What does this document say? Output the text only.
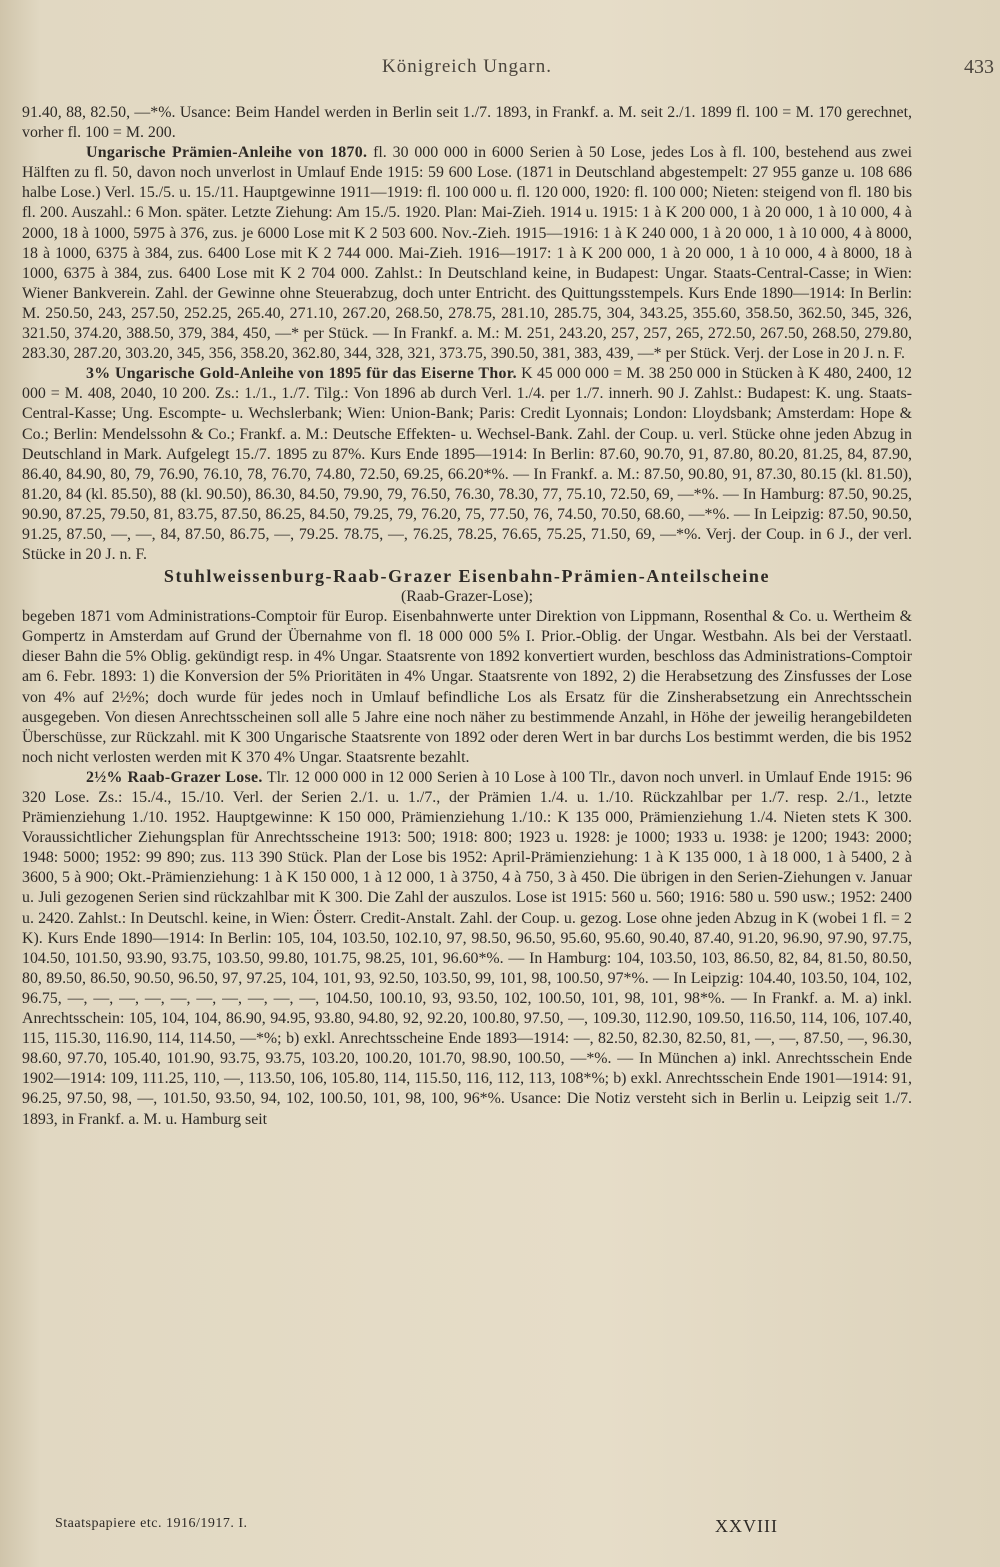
Königreich Ungarn.	433

91.40, 88, 82.50, —*%. Usance: Beim Handel werden in Berlin seit 1./7. 1893, in Frankf. a. M. seit 2./1. 1899 fl. 100 = M. 170 gerechnet, vorher fl. 100 = M. 200.

Ungarische Prämien-Anleihe von 1870. fl. 30 000 000 in 6000 Serien à 50 Lose, jedes Los à fl. 100, bestehend aus zwei Hälften zu fl. 50, davon noch unverlost in Umlauf Ende 1915: 59 600 Lose. (1871 in Deutschland abgestempelt: 27 955 ganze u. 108 686 halbe Lose.) Verl. 15./5. u. 15./11. Hauptgewinne 1911—1919: fl. 100 000 u. fl. 120 000, 1920: fl. 100 000; Nieten: steigend von fl. 180 bis fl. 200. Auszahl.: 6 Mon. später. Letzte Ziehung: Am 15./5. 1920. Plan: Mai-Zieh. 1914 u. 1915: 1 à K 200 000, 1 à 20 000, 1 à 10 000, 4 à 2000, 18 à 1000, 5975 à 376, zus. je 6000 Lose mit K 2 503 600. Nov.-Zieh. 1915—1916: 1 à K 240 000, 1 à 20 000, 1 à 10 000, 4 à 8000, 18 à 1000, 6375 à 384, zus. 6400 Lose mit K 2 744 000. Mai-Zieh. 1916—1917: 1 à K 200 000, 1 à 20 000, 1 à 10 000, 4 à 8000, 18 à 1000, 6375 à 384, zus. 6400 Lose mit K 2 704 000. Zahlst.: In Deutschland keine, in Budapest: Ungar. Staats-Central-Casse; in Wien: Wiener Bankverein. Zahl. der Gewinne ohne Steuerabzug, doch unter Entricht. des Quittungsstempels. Kurs Ende 1890—1914: In Berlin: M. 250.50, 243, 257.50, 252.25, 265.40, 271.10, 267.20, 268.50, 278.75, 281.10, 285.75, 304, 343.25, 355.60, 358.50, 362.50, 345, 326, 321.50, 374.20, 388.50, 379, 384, 450, —* per Stück. — In Frankf. a. M.: M. 251, 243.20, 257, 257, 265, 272.50, 267.50, 268.50, 279.80, 283.30, 287.20, 303.20, 345, 356, 358.20, 362.80, 344, 328, 321, 373.75, 390.50, 381, 383, 439, —* per Stück. Verj. der Lose in 20 J. n. F.

3% Ungarische Gold-Anleihe von 1895 für das Eiserne Thor. K 45 000 000 = M. 38 250 000 in Stücken à K 480, 2400, 12 000 = M. 408, 2040, 10 200. Zs.: 1./1., 1./7. Tilg.: Von 1896 ab durch Verl. 1./4. per 1./7. innerh. 90 J. Zahlst.: Budapest: K. ung. Staats-Central-Kasse; Ung. Escompte- u. Wechslerbank; Wien: Union-Bank; Paris: Credit Lyonnais; London: Lloydsbank; Amsterdam: Hope & Co.; Berlin: Mendelssohn & Co.; Frankf. a. M.: Deutsche Effekten- u. Wechsel-Bank. Zahl. der Coup. u. verl. Stücke ohne jeden Abzug in Deutschland in Mark. Aufgelegt 15./7. 1895 zu 87%. Kurs Ende 1895—1914: In Berlin: 87.60, 90.70, 91, 87.80, 80.20, 81.25, 84, 87.90, 86.40, 84.90, 80, 79, 76.90, 76.10, 78, 76.70, 74.80, 72.50, 69.25, 66.20*%. — In Frankf. a. M.: 87.50, 90.80, 91, 87.30, 80.15 (kl. 81.50), 81.20, 84 (kl. 85.50), 88 (kl. 90.50), 86.30, 84.50, 79.90, 79, 76.50, 76.30, 78.30, 77, 75.10, 72.50, 69, —*%. — In Hamburg: 87.50, 90.25, 90.90, 87.25, 79.50, 81, 83.75, 87.50, 86.25, 84.50, 79.25, 79, 76.20, 75, 77.50, 76, 74.50, 70.50, 68.60, —*%. — In Leipzig: 87.50, 90.50, 91.25, 87.50, —, —, 84, 87.50, 86.75, —, 79.25. 78.75, —, 76.25, 78.25, 76.65, 75.25, 71.50, 69, —*%. Verj. der Coup. in 6 J., der verl. Stücke in 20 J. n. F.

Stuhlweissenburg-Raab-Grazer Eisenbahn-Prämien-Anteilscheine

(Raab-Grazer-Lose);

begeben 1871 vom Administrations-Comptoir für Europ. Eisenbahnwerte unter Direktion von Lippmann, Rosenthal & Co. u. Wertheim & Gompertz in Amsterdam auf Grund der Übernahme von fl. 18 000 000 5% I. Prior.-Oblig. der Ungar. Westbahn. Als bei der Verstaatl. dieser Bahn die 5% Oblig. gekündigt resp. in 4% Ungar. Staatsrente von 1892 konvertiert wurden, beschloss das Administrations-Comptoir am 6. Febr. 1893: 1) die Konversion der 5% Prioritäten in 4% Ungar. Staatsrente von 1892, 2) die Herabsetzung des Zinsfusses der Lose von 4% auf 2½%; doch wurde für jedes noch in Umlauf befindliche Los als Ersatz für die Zinsherabsetzung ein Anrechtsschein ausgegeben. Von diesen Anrechtsscheinen soll alle 5 Jahre eine noch näher zu bestimmende Anzahl, in Höhe der jeweilig herangebildeten Überschüsse, zur Rückzahl. mit K 300 Ungarische Staatsrente von 1892 oder deren Wert in bar durchs Los bestimmt werden, die bis 1952 noch nicht verlosten werden mit K 370 4% Ungar. Staatsrente bezahlt.

2½% Raab-Grazer Lose. Tlr. 12 000 000 in 12 000 Serien à 10 Lose à 100 Tlr., davon noch unverl. in Umlauf Ende 1915: 96 320 Lose. Zs.: 15./4., 15./10. Verl. der Serien 2./1. u. 1./7., der Prämien 1./4. u. 1./10. Rückzahlbar per 1./7. resp. 2./1., letzte Prämienziehung 1./10. 1952. Hauptgewinne: K 150 000, Prämienziehung 1./10.: K 135 000, Prämienziehung 1./4. Nieten stets K 300. Voraussichtlicher Ziehungsplan für Anrechtsscheine 1913: 500; 1918: 800; 1923 u. 1928: je 1000; 1933 u. 1938: je 1200; 1943: 2000; 1948: 5000; 1952: 99 890; zus. 113 390 Stück. Plan der Lose bis 1952: April-Prämienziehung: 1 à K 135 000, 1 à 18 000, 1 à 5400, 2 à 3600, 5 à 900; Okt.-Prämienziehung: 1 à K 150 000, 1 à 12 000, 1 à 3750, 4 à 750, 3 à 450. Die übrigen in den Serien-Ziehungen v. Januar u. Juli gezogenen Serien sind rückzahlbar mit K 300. Die Zahl der auszulos. Lose ist 1915: 560 u. 560; 1916: 580 u. 590 usw.; 1952: 2400 u. 2420. Zahlst.: In Deutschl. keine, in Wien: Österr. Credit-Anstalt. Zahl. der Coup. u. gezog. Lose ohne jeden Abzug in K (wobei 1 fl. = 2 K). Kurs Ende 1890—1914: In Berlin: 105, 104, 103.50, 102.10, 97, 98.50, 96.50, 95.60, 95.60, 90.40, 87.40, 91.20, 96.90, 97.90, 97.75, 104.50, 101.50, 93.90, 93.75, 103.50, 99.80, 101.75, 98.25, 101, 96.60*%. — In Hamburg: 104, 103.50, 103, 86.50, 82, 84, 81.50, 80.50, 80, 89.50, 86.50, 90.50, 96.50, 97, 97.25, 104, 101, 93, 92.50, 103.50, 99, 101, 98, 100.50, 97*%. — In Leipzig: 104.40, 103.50, 104, 102, 96.75, —, —, —, —, —, —, —, —, —, —, 104.50, 100.10, 93, 93.50, 102, 100.50, 101, 98, 101, 98*%. — In Frankf. a. M. a) inkl. Anrechtsschein: 105, 104, 104, 86.90, 94.95, 93.80, 94.80, 92, 92.20, 100.80, 97.50, —, 109.30, 112.90, 109.50, 116.50, 114, 106, 107.40, 115, 115.30, 116.90, 114, 114.50, —*%; b) exkl. Anrechtsscheine Ende 1893—1914: —, 82.50, 82.30, 82.50, 81, —, —, 87.50, —, 96.30, 98.60, 97.70, 105.40, 101.90, 93.75, 93.75, 103.20, 100.20, 101.70, 98.90, 100.50, —*%. — In München a) inkl. Anrechtsschein Ende 1902—1914: 109, 111.25, 110, —, 113.50, 106, 105.80, 114, 115.50, 116, 112, 113, 108*%; b) exkl. Anrechtsschein Ende 1901—1914: 91, 96.25, 97.50, 98, —, 101.50, 93.50, 94, 102, 100.50, 101, 98, 100, 96*%. Usance: Die Notiz versteht sich in Berlin u. Leipzig seit 1./7. 1893, in Frankf. a. M. u. Hamburg seit

Staatspapiere etc. 1916/1917. I.	XXVIII
